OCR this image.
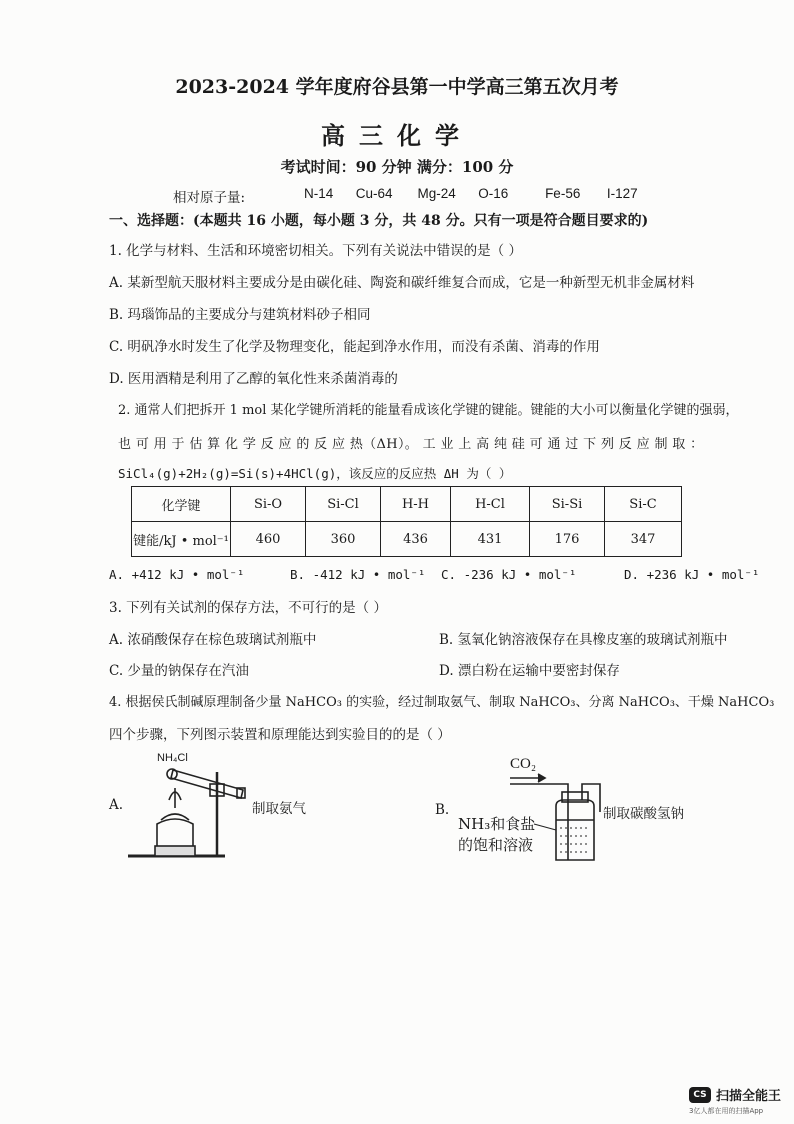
2023-2024 学年度府谷县第一中学高三第五次月考
高三化学
考试时间：90 分钟 满分：100 分
相对原子量:	N-14 Cu-64 Mg-24 O-16	Fe-56 I-127
一、选择题：(本题共 16 小题，每小题 3 分，共 48 分。只有一项是符合题目要求的)
1. 化学与材料、生活和环境密切相关。下列有关说法中错误的是（ ）
A. 某新型航天服材料主要成分是由碳化硅、陶瓷和碳纤维复合而成，它是一种新型无机非金属材料
B. 玛瑙饰品的主要成分与建筑材料砂子相同
C. 明矾净水时发生了化学及物理变化，能起到净水作用，而没有杀菌、消毒的作用
D. 医用酒精是利用了乙醇的氧化性来杀菌消毒的
2. 通常人们把拆开 1 mol 某化学键所消耗的能量看成该化学键的键能。键能的大小可以衡量化学键的强弱，
也 可 用 于 估 算 化 学 反 应 的 反 应 热（ΔH）。 工 业 上 高 纯 硅 可 通 过 下 列 反 应 制 取 ：
SiCl₄(g)+2H₂(g)=Si(s)+4HCl(g)，该反应的反应热 ΔH 为（ ）
化学键	Si-O	Si-Cl	H-H	H-Cl	Si-Si	Si-C
键能/kJ • mol⁻¹	460	360	436	431	176	347
A. +412 kJ • mol⁻¹	B. -412 kJ • mol⁻¹ C. -236 kJ • mol⁻¹	D. +236 kJ • mol⁻¹
3. 下列有关试剂的保存方法，不可行的是（ ）
A. 浓硝酸保存在棕色玻璃试剂瓶中	B. 氢氧化钠溶液保存在具橡皮塞的玻璃试剂瓶中
C. 少量的钠保存在汽油	D. 漂白粉在运输中要密封保存
4. 根据侯氏制碱原理制备少量 NaHCO₃ 的实验，经过制取氨气、制取 NaHCO₃、分离 NaHCO₃、干燥 NaHCO₃
四个步骤，下列图示装置和原理能达到实验目的的是（ ）
A.
NH₄Cl
制取氨气	B.
CO₂
NH₃和食盐
的饱和溶液
制取碳酸氢钠
CS 扫描全能王
3亿人都在用的扫描App
